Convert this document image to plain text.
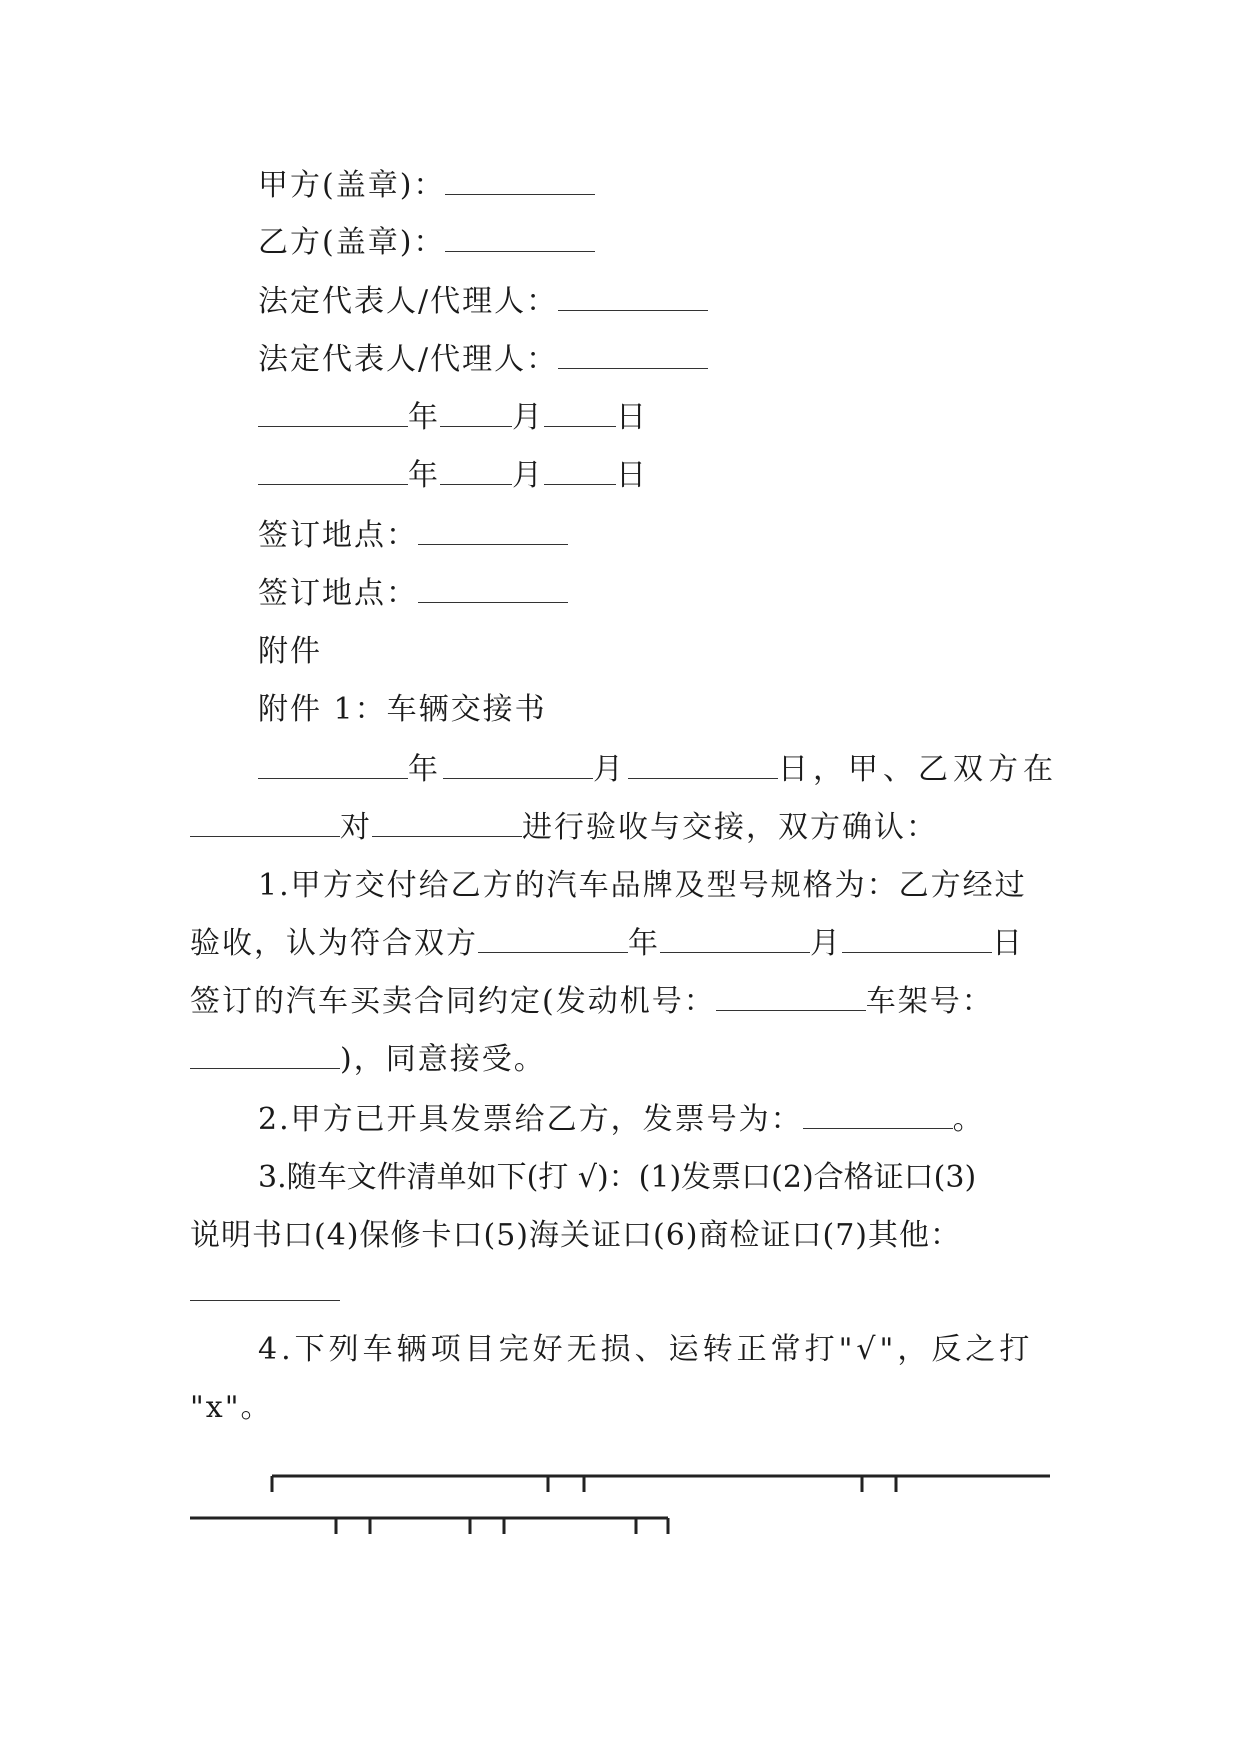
甲方(盖章)：
乙方(盖章)：
法定代表人/代理人：
法定代表人/代理人：
年 月 日
年 月 日
签订地点：
签订地点：
附件
附件 1：车辆交接书
年	月	日，甲、乙双方在
对	进行验收与交接，双方确认：
1.甲方交付给乙方的汽车品牌及型号规格为：乙方经过
验收，认为符合双方	年	月	日
签订的汽车买卖合同约定(发动机号：	车架号：
)，同意接受。
2.甲方已开具发票给乙方，发票号为：	。
3.随车文件清单如下(打 √)：(1)发票口(2)合格证口(3)
说明书口(4)保修卡口(5)海关证口(6)商检证口(7)其他：
4.下列车辆项目完好无损、运转正常打"√"，反之打
"x"。
